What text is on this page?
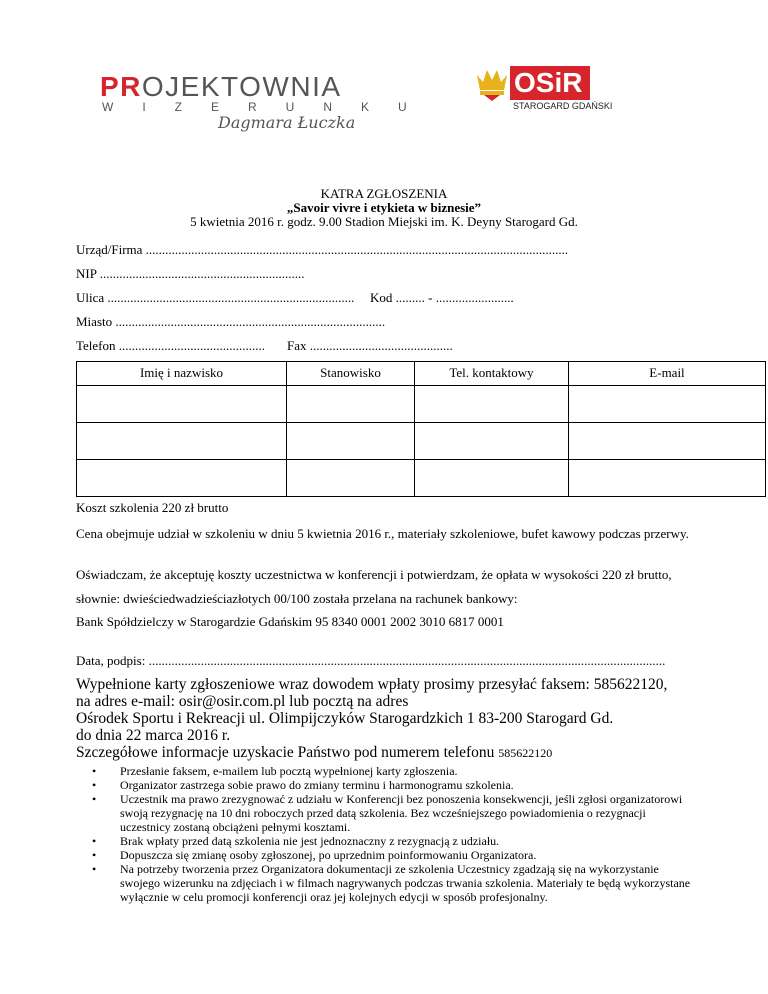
PROJEKTOWNIA
WIZERUNKU
Dagmara Łuczka
OSiR
STAROGARD GDAŃSKI
KATRA ZGŁOSZENIA
„Savoir vivre i etykieta w biznesie”
5 kwietnia 2016 r. godz. 9.00 Stadion Miejski im. K. Deyny Starogard Gd.
Urząd/Firma ..................................................................................................................................
NIP ...............................................................
Ulica ............................................................................ Kod ......... - ........................
Miasto ...................................................................................
Telefon ............................................. Fax ............................................
Imię i nazwisko	Stanowisko	Tel. kontaktowy	E-mail

Koszt szkolenia 220 zł brutto
Cena obejmuje udział w szkoleniu w dniu 5 kwietnia 2016 r., materiały szkoleniowe, bufet kawowy podczas przerwy.
Oświadczam, że akceptuję koszty uczestnictwa w konferencji i potwierdzam, że opłata w wysokości 220 zł brutto,
słownie: dwieściedwadzieściazłotych 00/100 została przelana na rachunek bankowy:
Bank Spółdzielczy w Starogardzie Gdańskim 95 8340 0001 2002 3010 6817 0001
Data, podpis: ...............................................................................................................................................................
Wypełnione karty zgłoszeniowe wraz dowodem wpłaty prosimy przesyłać faksem: 585622120,
na adres e-mail: osir@osir.com.pl lub pocztą na adres
Ośrodek Sportu i Rekreacji ul. Olimpijczyków Starogardzkich 1 83-200 Starogard Gd.
do dnia 22 marca 2016 r.
Szczegółowe informacje uzyskacie Państwo pod numerem telefonu 585622120
• Przesłanie faksem, e-mailem lub pocztą wypełnionej karty zgłoszenia.
• Organizator zastrzega sobie prawo do zmiany terminu i harmonogramu szkolenia.
• Uczestnik ma prawo zrezygnować z udziału w Konferencji bez ponoszenia konsekwencji, jeśli zgłosi organizatorowi swoją rezygnację na 10 dni roboczych przed datą szkolenia. Bez wcześniejszego powiadomienia o rezygnacji uczestnicy zostaną obciążeni pełnymi kosztami.
• Brak wpłaty przed datą szkolenia nie jest jednoznaczny z rezygnacją z udziału.
• Dopuszcza się zmianę osoby zgłoszonej, po uprzednim poinformowaniu Organizatora.
• Na potrzeby tworzenia przez Organizatora dokumentacji ze szkolenia Uczestnicy zgadzają się na wykorzystanie swojego wizerunku na zdjęciach i w filmach nagrywanych podczas trwania szkolenia. Materiały te będą wykorzystane wyłącznie w celu promocji konferencji oraz jej kolejnych edycji w sposób profesjonalny.
